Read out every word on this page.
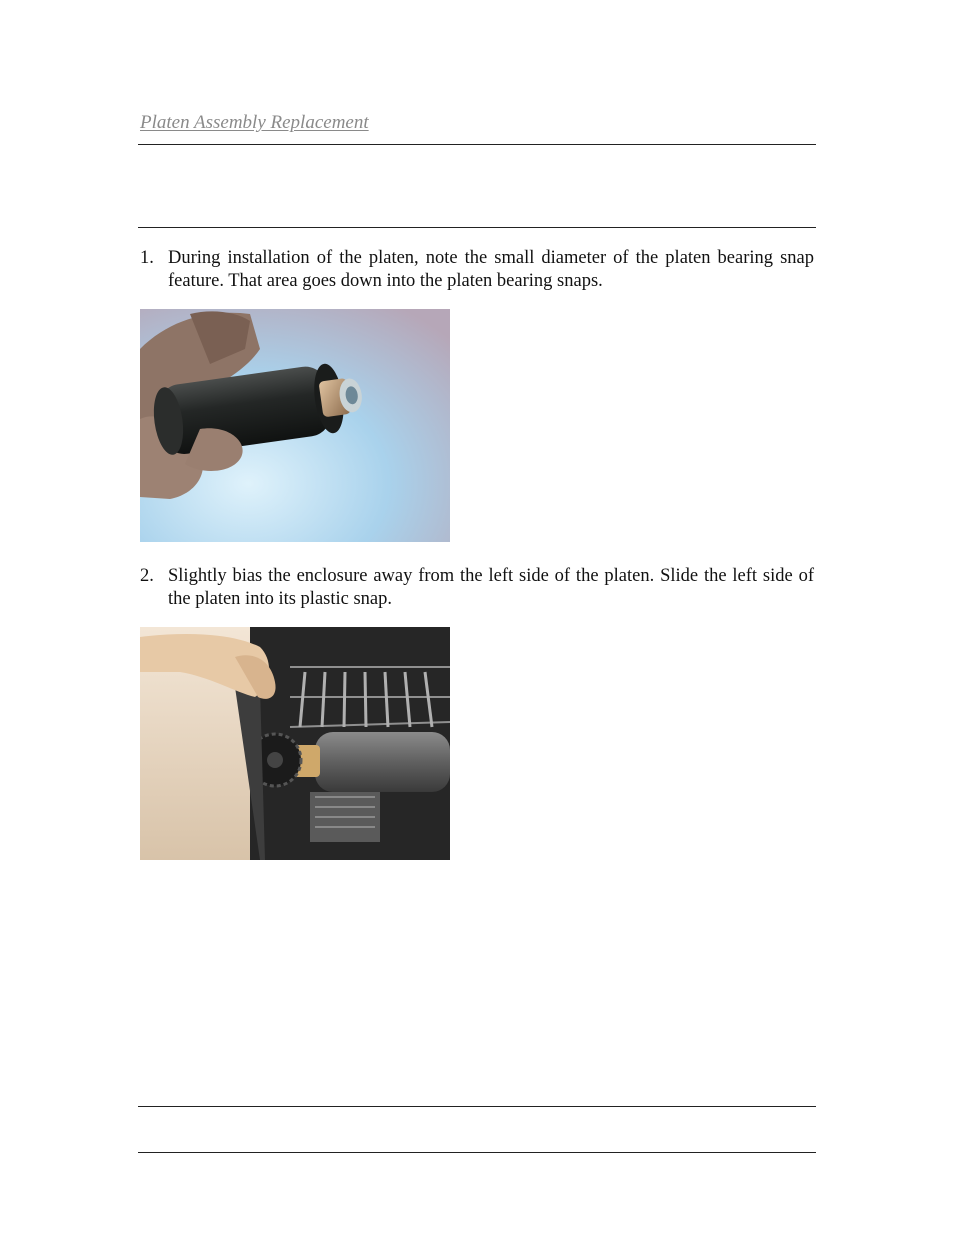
Platen Assembly Replacement
1. During installation of the platen, note the small diameter of the platen bearing snap feature. That area goes down into the platen bearing snaps.
2. Slightly bias the enclosure away from the left side of the platen. Slide the left side of the platen into its plastic snap.
